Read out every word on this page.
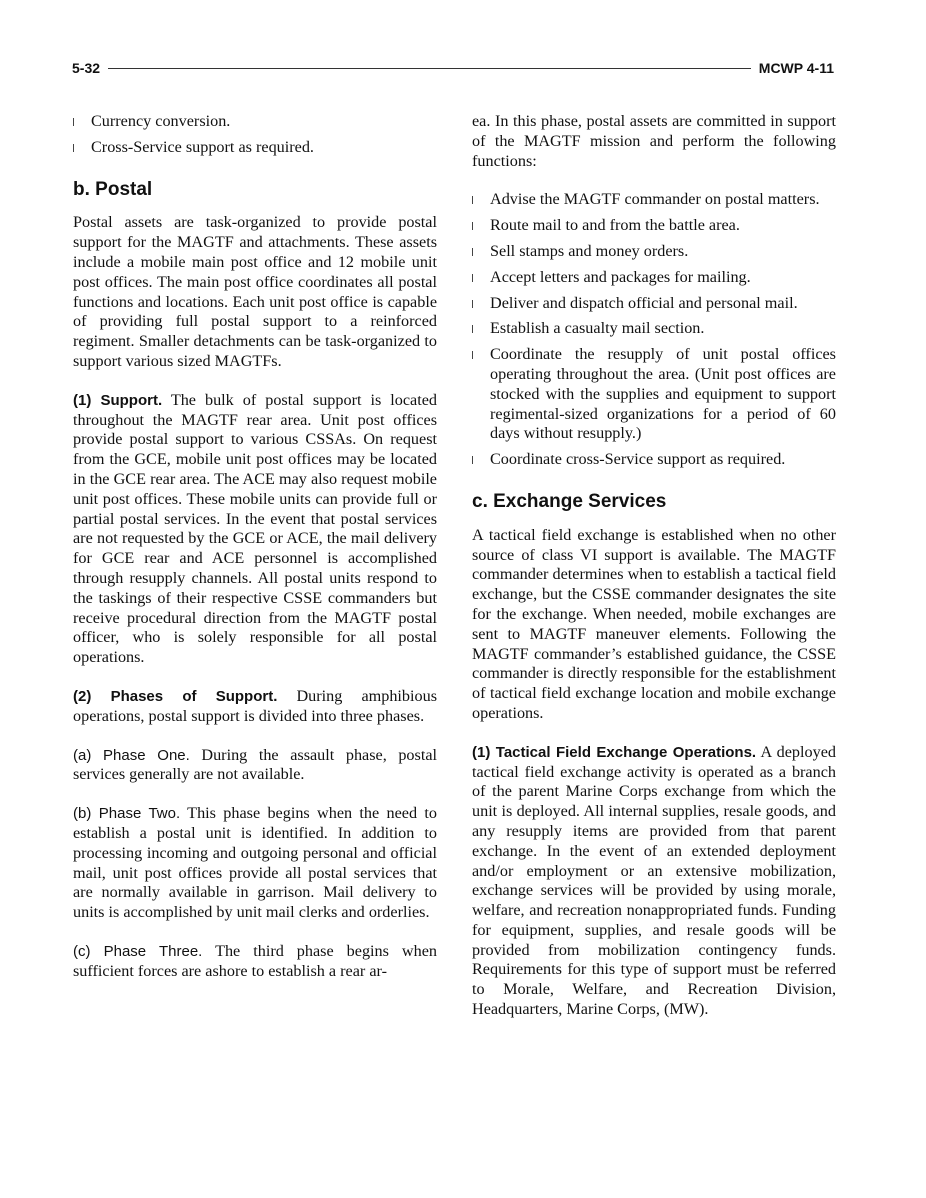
5-32	MCWP 4-11
Currency conversion.
Cross-Service support as required.
b. Postal

Postal assets are task-organized to provide postal support for the MAGTF and attachments. These assets include a mobile main post office and 12 mobile unit post offices. The main post office coordinates all postal functions and locations. Each unit post office is capable of providing full postal support to a reinforced regiment. Smaller detachments can be task-organized to support various sized MAGTFs.

(1) Support. The bulk of postal support is located throughout the MAGTF rear area. Unit post offices provide postal support to various CSSAs. On request from the GCE, mobile unit post offices may be located in the GCE rear area. The ACE may also request mobile unit post offices. These mobile units can provide full or partial postal services. In the event that postal services are not requested by the GCE or ACE, the mail delivery for GCE rear and ACE personnel is accomplished through resupply channels. All postal units respond to the taskings of their respective CSSE commanders but receive procedural direction from the MAGTF postal officer, who is solely responsible for all postal operations.

(2) Phases of Support. During amphibious operations, postal support is divided into three phases.

(a) Phase One. During the assault phase, postal services generally are not available.

(b) Phase Two. This phase begins when the need to establish a postal unit is identified. In addition to processing incoming and outgoing personal and official mail, unit post offices provide all postal services that are normally available in garrison. Mail delivery to units is accomplished by unit mail clerks and orderlies.

(c) Phase Three. The third phase begins when sufficient forces are ashore to establish a rear ar-

ea. In this phase, postal assets are committed in support of the MAGTF mission and perform the following functions:

Advise the MAGTF commander on postal matters.
Route mail to and from the battle area.
Sell stamps and money orders.
Accept letters and packages for mailing.
Deliver and dispatch official and personal mail.
Establish a casualty mail section.
Coordinate the resupply of unit postal offices operating throughout the area. (Unit post offices are stocked with the supplies and equipment to support regimental-sized organizations for a period of 60 days without resupply.)
Coordinate cross-Service support as required.
c. Exchange Services

A tactical field exchange is established when no other source of class VI support is available. The MAGTF commander determines when to establish a tactical field exchange, but the CSSE commander designates the site for the exchange. When needed, mobile exchanges are sent to MAGTF maneuver elements. Following the MAGTF commander’s established guidance, the CSSE commander is directly responsible for the establishment of tactical field exchange location and mobile exchange operations.

(1) Tactical Field Exchange Operations. A deployed tactical field exchange activity is operated as a branch of the parent Marine Corps exchange from which the unit is deployed. All internal supplies, resale goods, and any resupply items are provided from that parent exchange. In the event of an extended deployment and/or employment or an extensive mobilization, exchange services will be provided by using morale, welfare, and recreation nonappropriated funds. Funding for equipment, supplies, and resale goods will be provided from mobilization contingency funds. Requirements for this type of support must be referred to Morale, Welfare, and Recreation Division, Headquarters, Marine Corps, (MW).
